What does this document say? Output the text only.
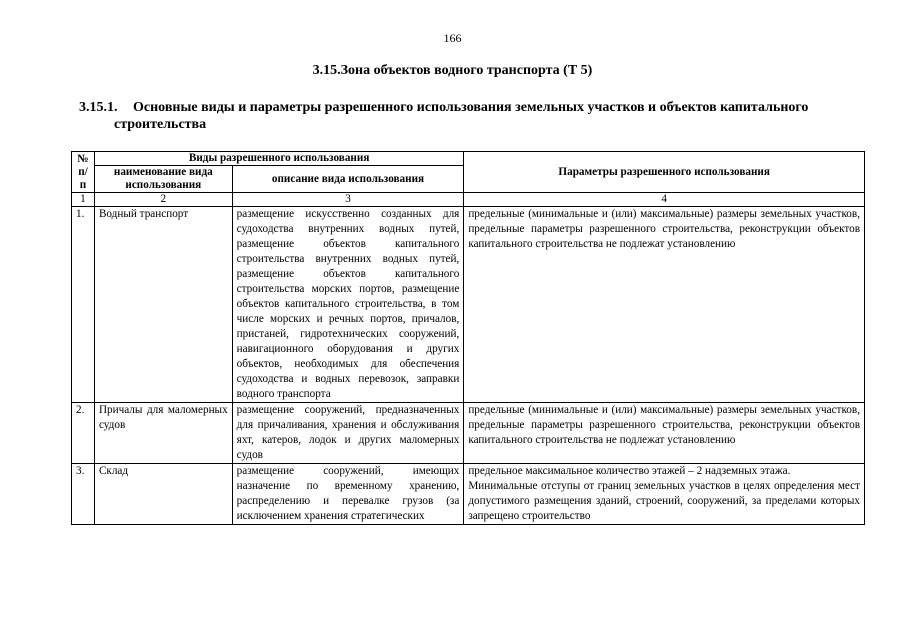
166
3.15.Зона объектов водного транспорта (Т 5)
3.15.1. Основные виды и параметры разрешенного использования земельных участков и объектов капитального
строительства
№ п/п	Виды разрешенного использования		Параметры разрешенного использования
	наименование вида использования	описание вида использования	
1	2	3	4
1.	Водный транспорт	размещение искусственно созданных для судоходства внутренних водных путей, размещение объектов капитального строительства внутренних водных путей, размещение объектов капитального строительства морских портов, размещение объектов капитального строительства, в том числе морских и речных портов, причалов, пристаней, гидротехнических сооружений, навигационного оборудования и других объектов, необходимых для обеспечения судоходства и водных перевозок, заправки водного транспорта	предельные (минимальные и (или) максимальные) размеры земельных участков, предельные параметры разрешенного строительства, реконструкции объектов капитального строительства не подлежат установлению
2.	Причалы для маломерных судов	размещение сооружений, предназначенных для причаливания, хранения и обслуживания яхт, катеров, лодок и других маломерных судов	предельные (минимальные и (или) максимальные) размеры земельных участков, предельные параметры разрешенного строительства, реконструкции объектов капитального строительства не подлежат установлению
3.	Склад	размещение сооружений, имеющих назначение по временному хранению, распределению и перевалке грузов (за исключением хранения стратегических	предельное максимальное количество этажей – 2 надземных этажа.
Минимальные отступы от границ земельных участков в целях определения мест допустимого размещения зданий, строений, сооружений, за пределами которых запрещено строительство
